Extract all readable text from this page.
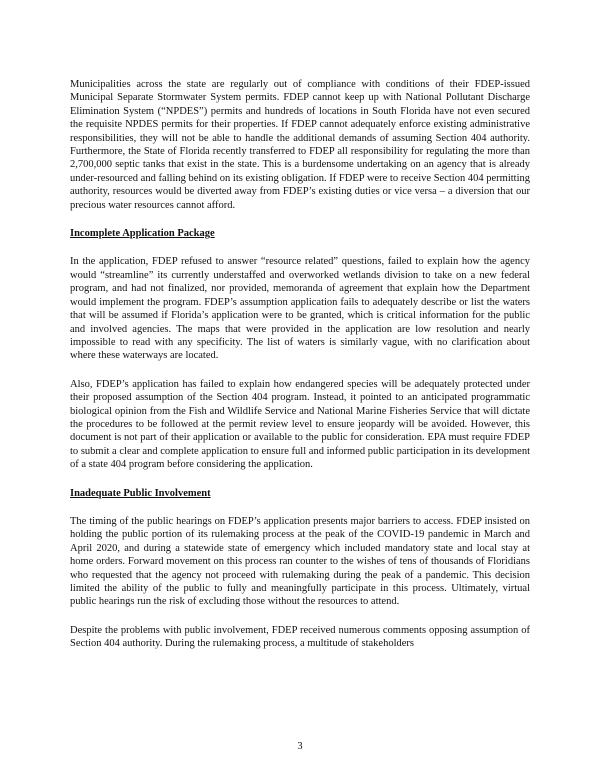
Municipalities across the state are regularly out of compliance with conditions of their FDEP-issued Municipal Separate Stormwater System permits. FDEP cannot keep up with National Pollutant Discharge Elimination System (“NPDES”) permits and hundreds of locations in South Florida have not even secured the requisite NPDES permits for their properties. If FDEP cannot adequately enforce existing administrative responsibilities, they will not be able to handle the additional demands of assuming Section 404 authority. Furthermore, the State of Florida recently transferred to FDEP all responsibility for regulating the more than 2,700,000 septic tanks that exist in the state. This is a burdensome undertaking on an agency that is already under-resourced and falling behind on its existing obligation. If FDEP were to receive Section 404 permitting authority, resources would be diverted away from FDEP’s existing duties or vice versa – a diversion that our precious water resources cannot afford.

Incomplete Application Package

In the application, FDEP refused to answer “resource related” questions, failed to explain how the agency would “streamline” its currently understaffed and overworked wetlands division to take on a new federal program, and had not finalized, nor provided, memoranda of agreement that explain how the Department would implement the program. FDEP’s assumption application fails to adequately describe or list the waters that will be assumed if Florida’s application were to be granted, which is critical information for the public and involved agencies. The maps that were provided in the application are low resolution and nearly impossible to read with any specificity. The list of waters is similarly vague, with no clarification about where these waterways are located.

Also, FDEP’s application has failed to explain how endangered species will be adequately protected under their proposed assumption of the Section 404 program. Instead, it pointed to an anticipated programmatic biological opinion from the Fish and Wildlife Service and National Marine Fisheries Service that will dictate the procedures to be followed at the permit review level to ensure jeopardy will be avoided. However, this document is not part of their application or available to the public for consideration. EPA must require FDEP to submit a clear and complete application to ensure full and informed public participation in its development of a state 404 program before considering the application.

Inadequate Public Involvement

The timing of the public hearings on FDEP’s application presents major barriers to access. FDEP insisted on holding the public portion of its rulemaking process at the peak of the COVID-19 pandemic in March and April 2020, and during a statewide state of emergency which included mandatory state and local stay at home orders. Forward movement on this process ran counter to the wishes of tens of thousands of Floridians who requested that the agency not proceed with rulemaking during the peak of a pandemic. This decision limited the ability of the public to fully and meaningfully participate in this process. Ultimately, virtual public hearings run the risk of excluding those without the resources to attend.

Despite the problems with public involvement, FDEP received numerous comments opposing assumption of Section 404 authority. During the rulemaking process, a multitude of stakeholders

3
